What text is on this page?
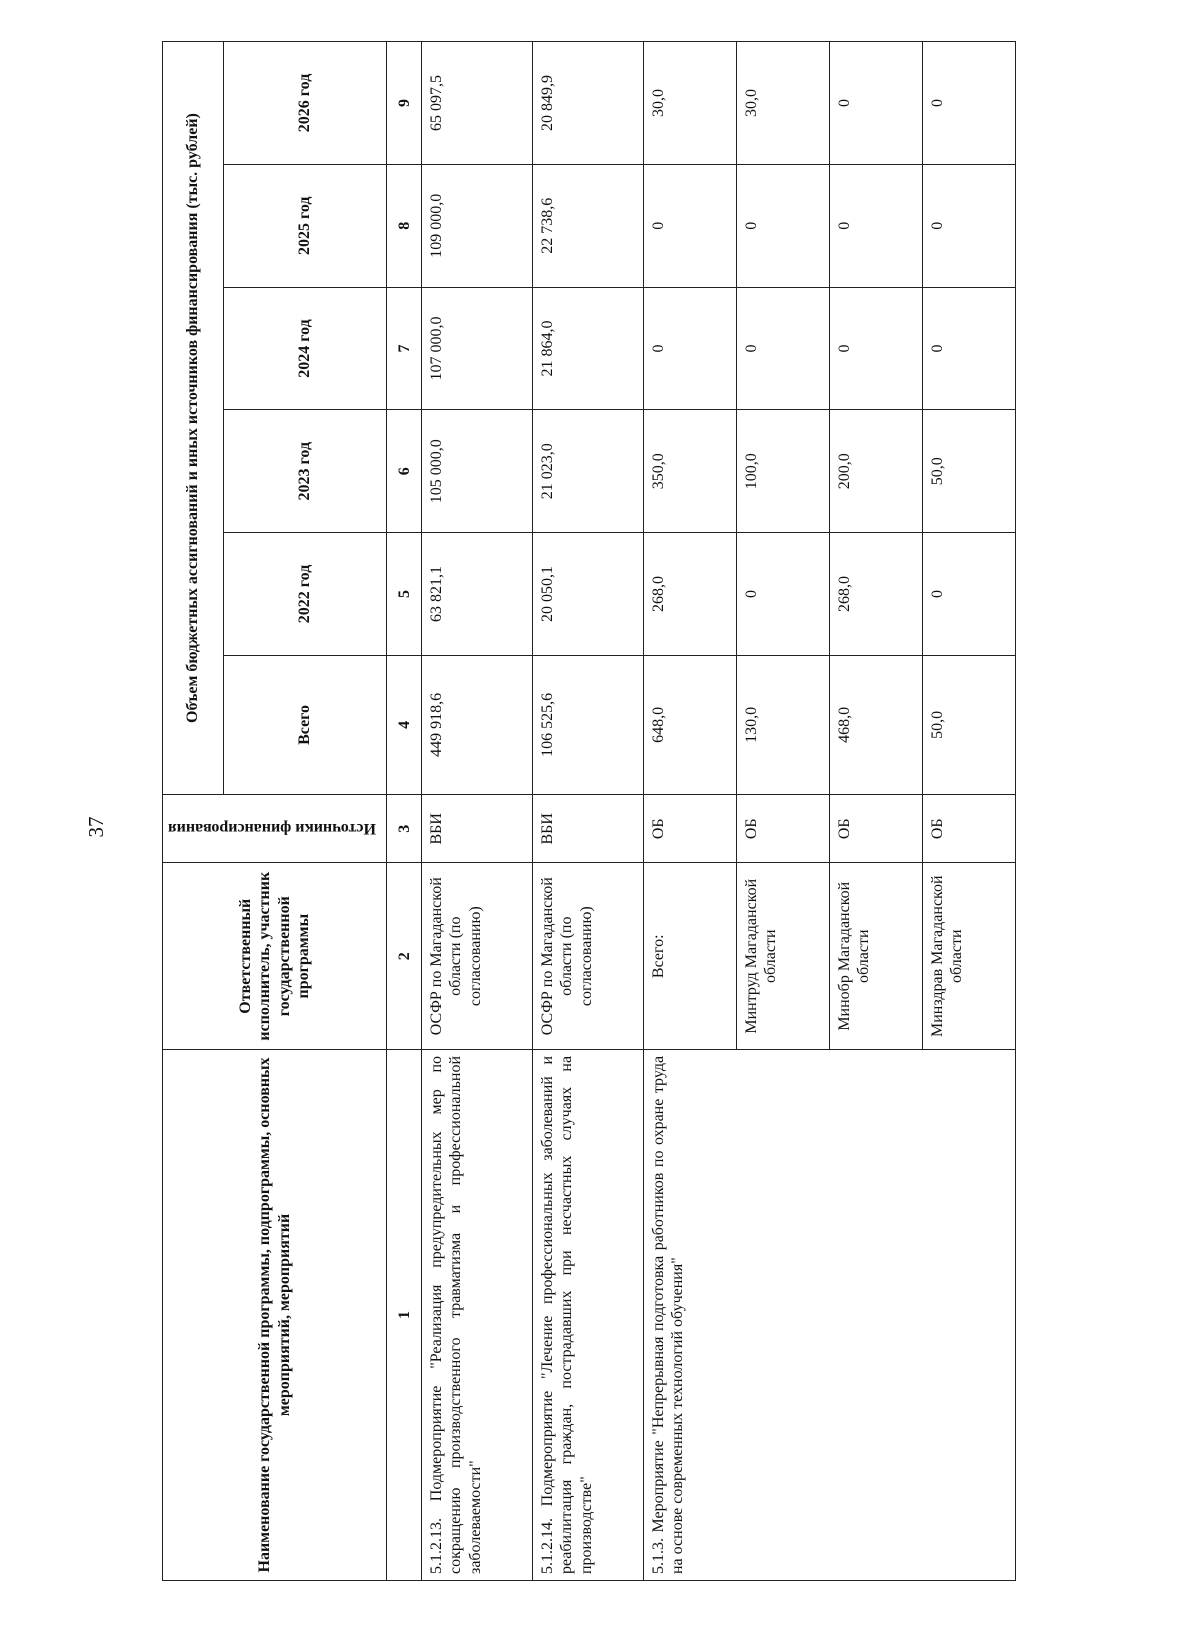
37
Наименование государственной программы, подпрограммы, основных мероприятий, мероприятий	Ответственный исполнитель, участник государственной программы	Источники финансирования	Объем бюджетных ассигнований и иных источников финансирования (тыс. рублей)					
			Всего	2022 год	2023 год	2024 год	2025 год	2026 год
1	2	3	4	5	6	7	8	9
5.1.2.13. Подмероприятие "Реализация предупредительных мер по сокращению производственного травматизма и профессиональной заболеваемости"	ОСФР по Магаданской области (по согласованию)	ВБИ	449 918,6	63 821,1	105 000,0	107 000,0	109 000,0	65 097,5
5.1.2.14. Подмероприятие "Лечение профессиональных заболеваний и реабилитация граждан, пострадавших при несчастных случаях на производстве"	ОСФР по Магаданской области (по согласованию)	ВБИ	106 525,6	20 050,1	21 023,0	21 864,0	22 738,6	20 849,9
5.1.3. Мероприятие "Непрерывная подготовка работников по охране труда на основе современных технологий обучения"	Всего:	ОБ	648,0	268,0	350,0	0	0	30,0
	Минтруд Магаданской области	ОБ	130,0	0	100,0	0	0	30,0
	Минобр Магаданской области	ОБ	468,0	268,0	200,0	0	0	0
	Минздрав Магаданской области	ОБ	50,0	0	50,0	0	0	0
